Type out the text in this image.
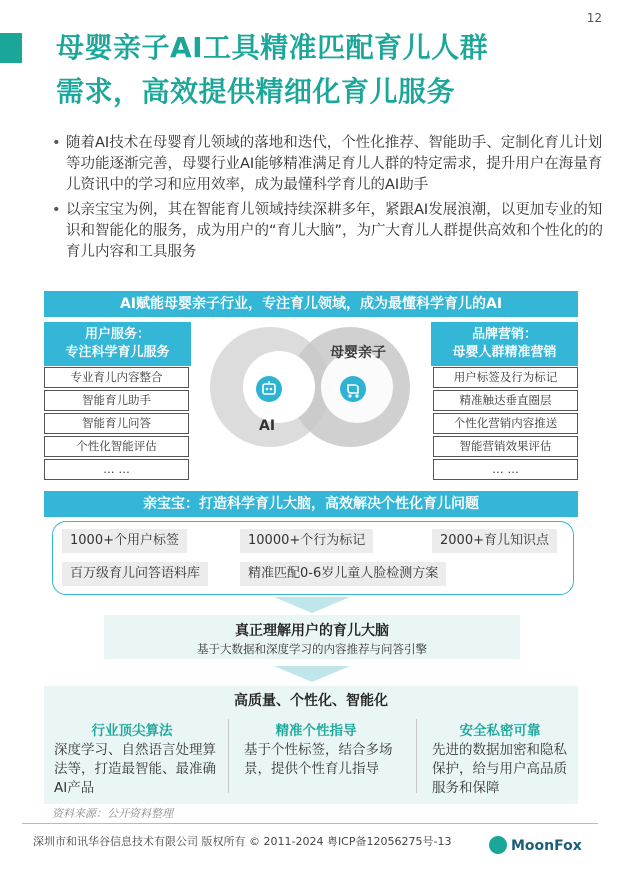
12
母婴亲子AI工具精准匹配育儿人群
需求，高效提供精细化育儿服务
• 随着AI技术在母婴育儿领域的落地和迭代，个性化推荐、智能助手、定制化育儿计划等功能逐渐完善，母婴行业AI能够精准满足育儿人群的特定需求，提升用户在海量育儿资讯中的学习和应用效率，成为最懂科学育儿的AI助手
• 以亲宝宝为例，其在智能育儿领域持续深耕多年，紧跟AI发展浪潮，以更加专业的知识和智能化的服务，成为用户的“育儿大脑”，为广大育儿人群提供高效和个性化的的育儿内容和工具服务
AI赋能母婴亲子行业，专注育儿领域，成为最懂科学育儿的AI
用户服务：
专注科学育儿服务
专业育儿内容整合
智能育儿助手
智能育儿问答
个性化智能评估
… …
品牌营销：
母婴人群精准营销
用户标签及行为标记
精准触达垂直圈层
个性化营销内容推送
智能营销效果评估
… …
AI
母婴亲子
亲宝宝：打造科学育儿大脑，高效解决个性化育儿问题
1000+个用户标签	10000+个行为标记	2000+育儿知识点
百万级育儿问答语料库	精准匹配0-6岁儿童人脸检测方案
真正理解用户的育儿大脑
基于大数据和深度学习的内容推荐与问答引擎
高质量、个性化、智能化
行业顶尖算法
深度学习、自然语言处理算法等，打造最智能、最准确AI产品
精准个性指导
基于个性标签，结合多场景，提供个性育儿指导
安全私密可靠
先进的数据加密和隐私保护，给与用户高品质服务和保障
资料来源：公开资料整理
深圳市和讯华谷信息技术有限公司 版权所有 © 2011-2024 粤ICP备12056275号-13	MoonFox
